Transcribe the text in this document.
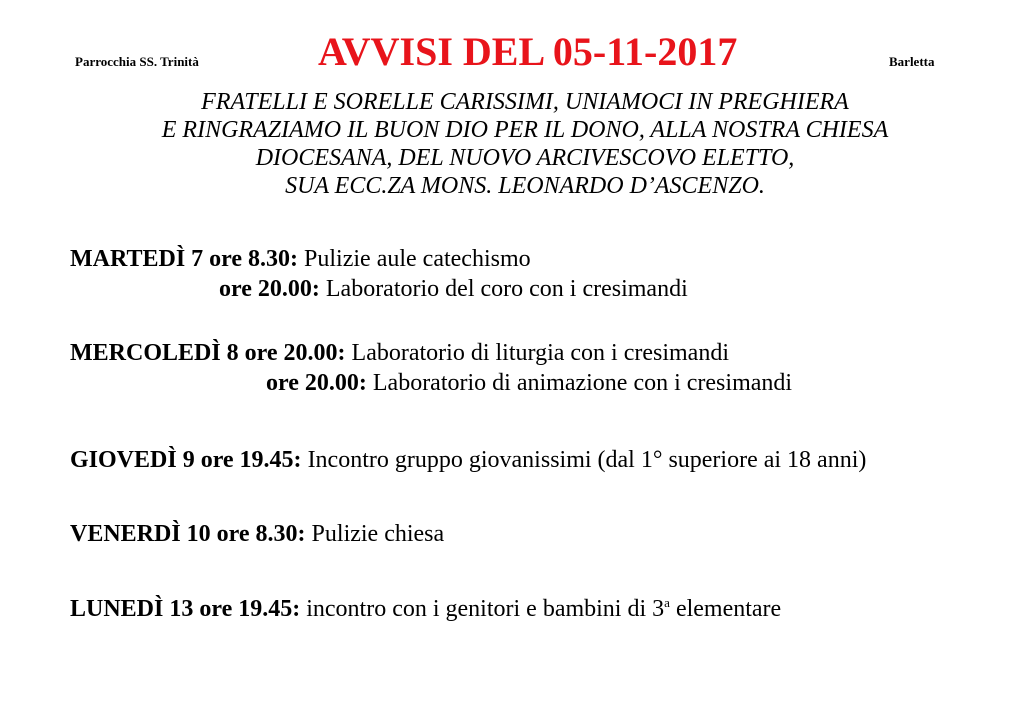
Parrocchia SS. Trinità	AVVISI DEL 05-11-2017	Barletta
FRATELLI E SORELLE CARISSIMI, UNIAMOCI IN PREGHIERA
E RINGRAZIAMO IL BUON DIO PER IL DONO, ALLA NOSTRA CHIESA
DIOCESANA, DEL NUOVO ARCIVESCOVO ELETTO,
SUA ECC.ZA MONS. LEONARDO D’ASCENZO.
MARTEDÌ 7 ore 8.30: Pulizie aule catechismo
ore 20.00: Laboratorio del coro con i cresimandi
MERCOLEDÌ 8 ore 20.00: Laboratorio di liturgia con i cresimandi
ore 20.00: Laboratorio di animazione con i cresimandi
GIOVEDÌ 9 ore 19.45: Incontro gruppo giovanissimi (dal 1° superiore ai 18 anni)
VENERDÌ 10 ore 8.30: Pulizie chiesa
LUNEDÌ 13 ore 19.45: incontro con i genitori e bambini di 3$^a$ elementare
